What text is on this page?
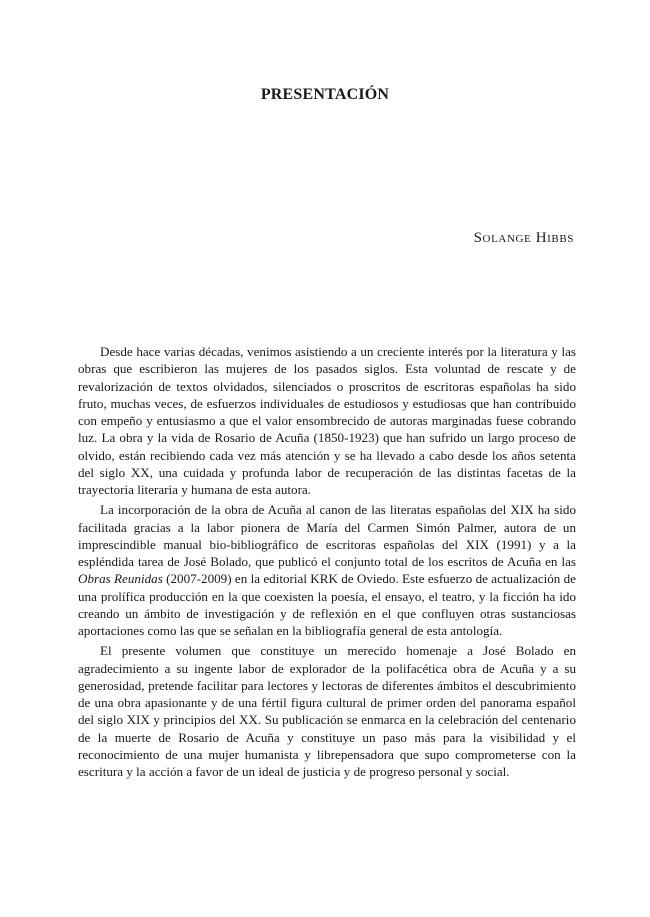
PRESENTACIÓN

Solange Hibbs

Desde hace varias décadas, venimos asistiendo a un creciente interés por la literatura y las obras que escribieron las mujeres de los pasados siglos. Esta voluntad de rescate y de revalorización de textos olvidados, silenciados o proscritos de escritoras españolas ha sido fruto, muchas veces, de esfuerzos individuales de estudiosos y estudiosas que han contribuido con empeño y entusiasmo a que el valor ensombrecido de autoras marginadas fuese cobrando luz. La obra y la vida de Rosario de Acuña (1850-1923) que han sufrido un largo proceso de olvido, están recibiendo cada vez más atención y se ha llevado a cabo desde los años setenta del siglo XX, una cuidada y profunda labor de recuperación de las distintas facetas de la trayectoria literaria y humana de esta autora.

La incorporación de la obra de Acuña al canon de las literatas españolas del XIX ha sido facilitada gracias a la labor pionera de María del Carmen Simón Palmer, autora de un imprescindible manual bio-bibliográfico de escritoras españolas del XIX (1991) y a la espléndida tarea de José Bolado, que publicó el conjunto total de los escritos de Acuña en las Obras Reunidas (2007-2009) en la editorial KRK de Oviedo. Este esfuerzo de actualización de una prolífica producción en la que coexisten la poesía, el ensayo, el teatro, y la ficción ha ido creando un ámbito de investigación y de reflexión en el que confluyen otras sustanciosas aportaciones como las que se señalan en la bibliografía general de esta antología.

El presente volumen que constituye un merecido homenaje a José Bolado en agradecimiento a su ingente labor de explorador de la polifacética obra de Acuña y a su generosidad, pretende facilitar para lectores y lectoras de diferentes ámbitos el descubrimiento de una obra apasionante y de una fértil figura cultural de primer orden del panorama español del siglo XIX y principios del XX. Su publicación se enmarca en la celebración del centenario de la muerte de Rosario de Acuña y constituye un paso más para la visibilidad y el reconocimiento de una mujer humanista y librepensadora que supo comprometerse con la escritura y la acción a favor de un ideal de justicia y de progreso personal y social.
